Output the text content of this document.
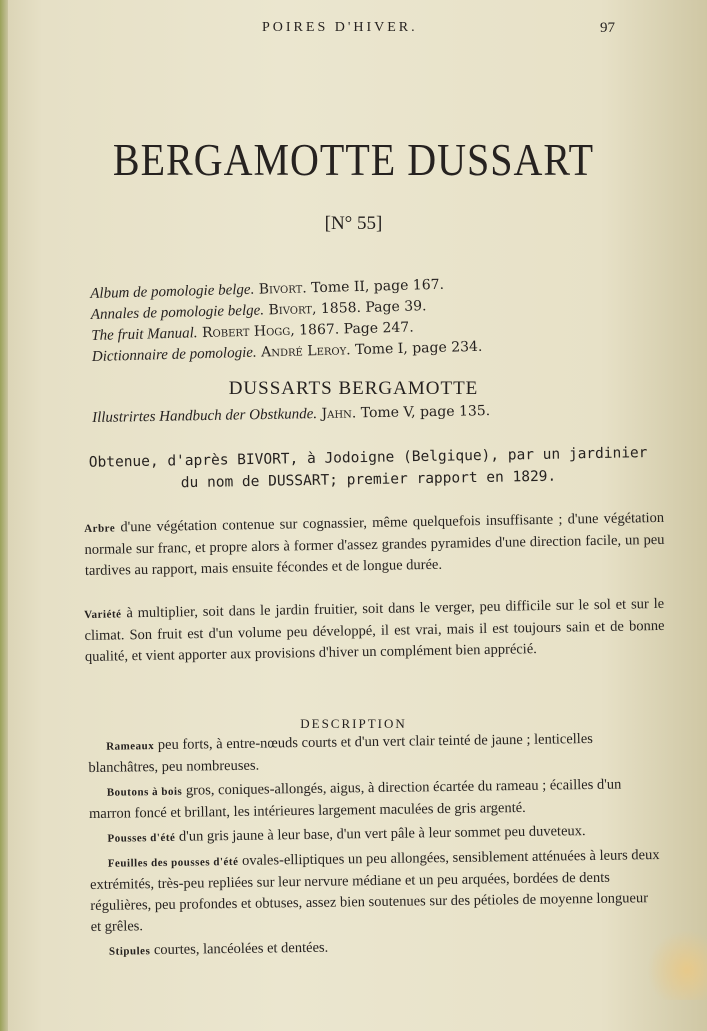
POIRES D'HIVER.	97
BERGAMOTTE DUSSART
[N° 55]
Album de pomologie belge. Bivort. Tome II, page 167.
Annales de pomologie belge. Bivort, 1858. Page 39.
The fruit Manual. Robert Hogg, 1867. Page 247.
Dictionnaire de pomologie. André Leroy. Tome I, page 234.
DUSSARTS BERGAMOTTE
Illustrirtes Handbuch der Obstkunde. Jahn. Tome V, page 135.
Obtenue, d'après BIVORT, à Jodoigne (Belgique), par un jardinier
du nom de DUSSART; premier rapport en 1829.
Arbre d'une végétation contenue sur cognassier, même quelquefois insuffisante ; d'une végétation normale sur franc, et propre alors à former d'assez grandes pyramides d'une direction facile, un peu tardives au rapport, mais ensuite fécondes et de longue durée.
Variété à multiplier, soit dans le jardin fruitier, soit dans le verger, peu difficile sur le sol et sur le climat. Son fruit est d'un volume peu développé, il est vrai, mais il est toujours sain et de bonne qualité, et vient apporter aux provisions d'hiver un complément bien apprécié.
DESCRIPTION

Rameaux peu forts, à entre-nœuds courts et d'un vert clair teinté de jaune ; lenticelles blanchâtres, peu nombreuses.

Boutons à bois gros, coniques-allongés, aigus, à direction écartée du rameau ; écailles d'un marron foncé et brillant, les intérieures largement maculées de gris argenté.

Pousses d'été d'un gris jaune à leur base, d'un vert pâle à leur sommet peu duveteux.

Feuilles des pousses d'été ovales-elliptiques un peu allongées, sensiblement atténuées à leurs deux extrémités, très-peu repliées sur leur nervure médiane et un peu arquées, bordées de dents régulières, peu profondes et obtuses, assez bien soutenues sur des pétioles de moyenne longueur et grêles.

Stipules courtes, lancéolées et dentées.
